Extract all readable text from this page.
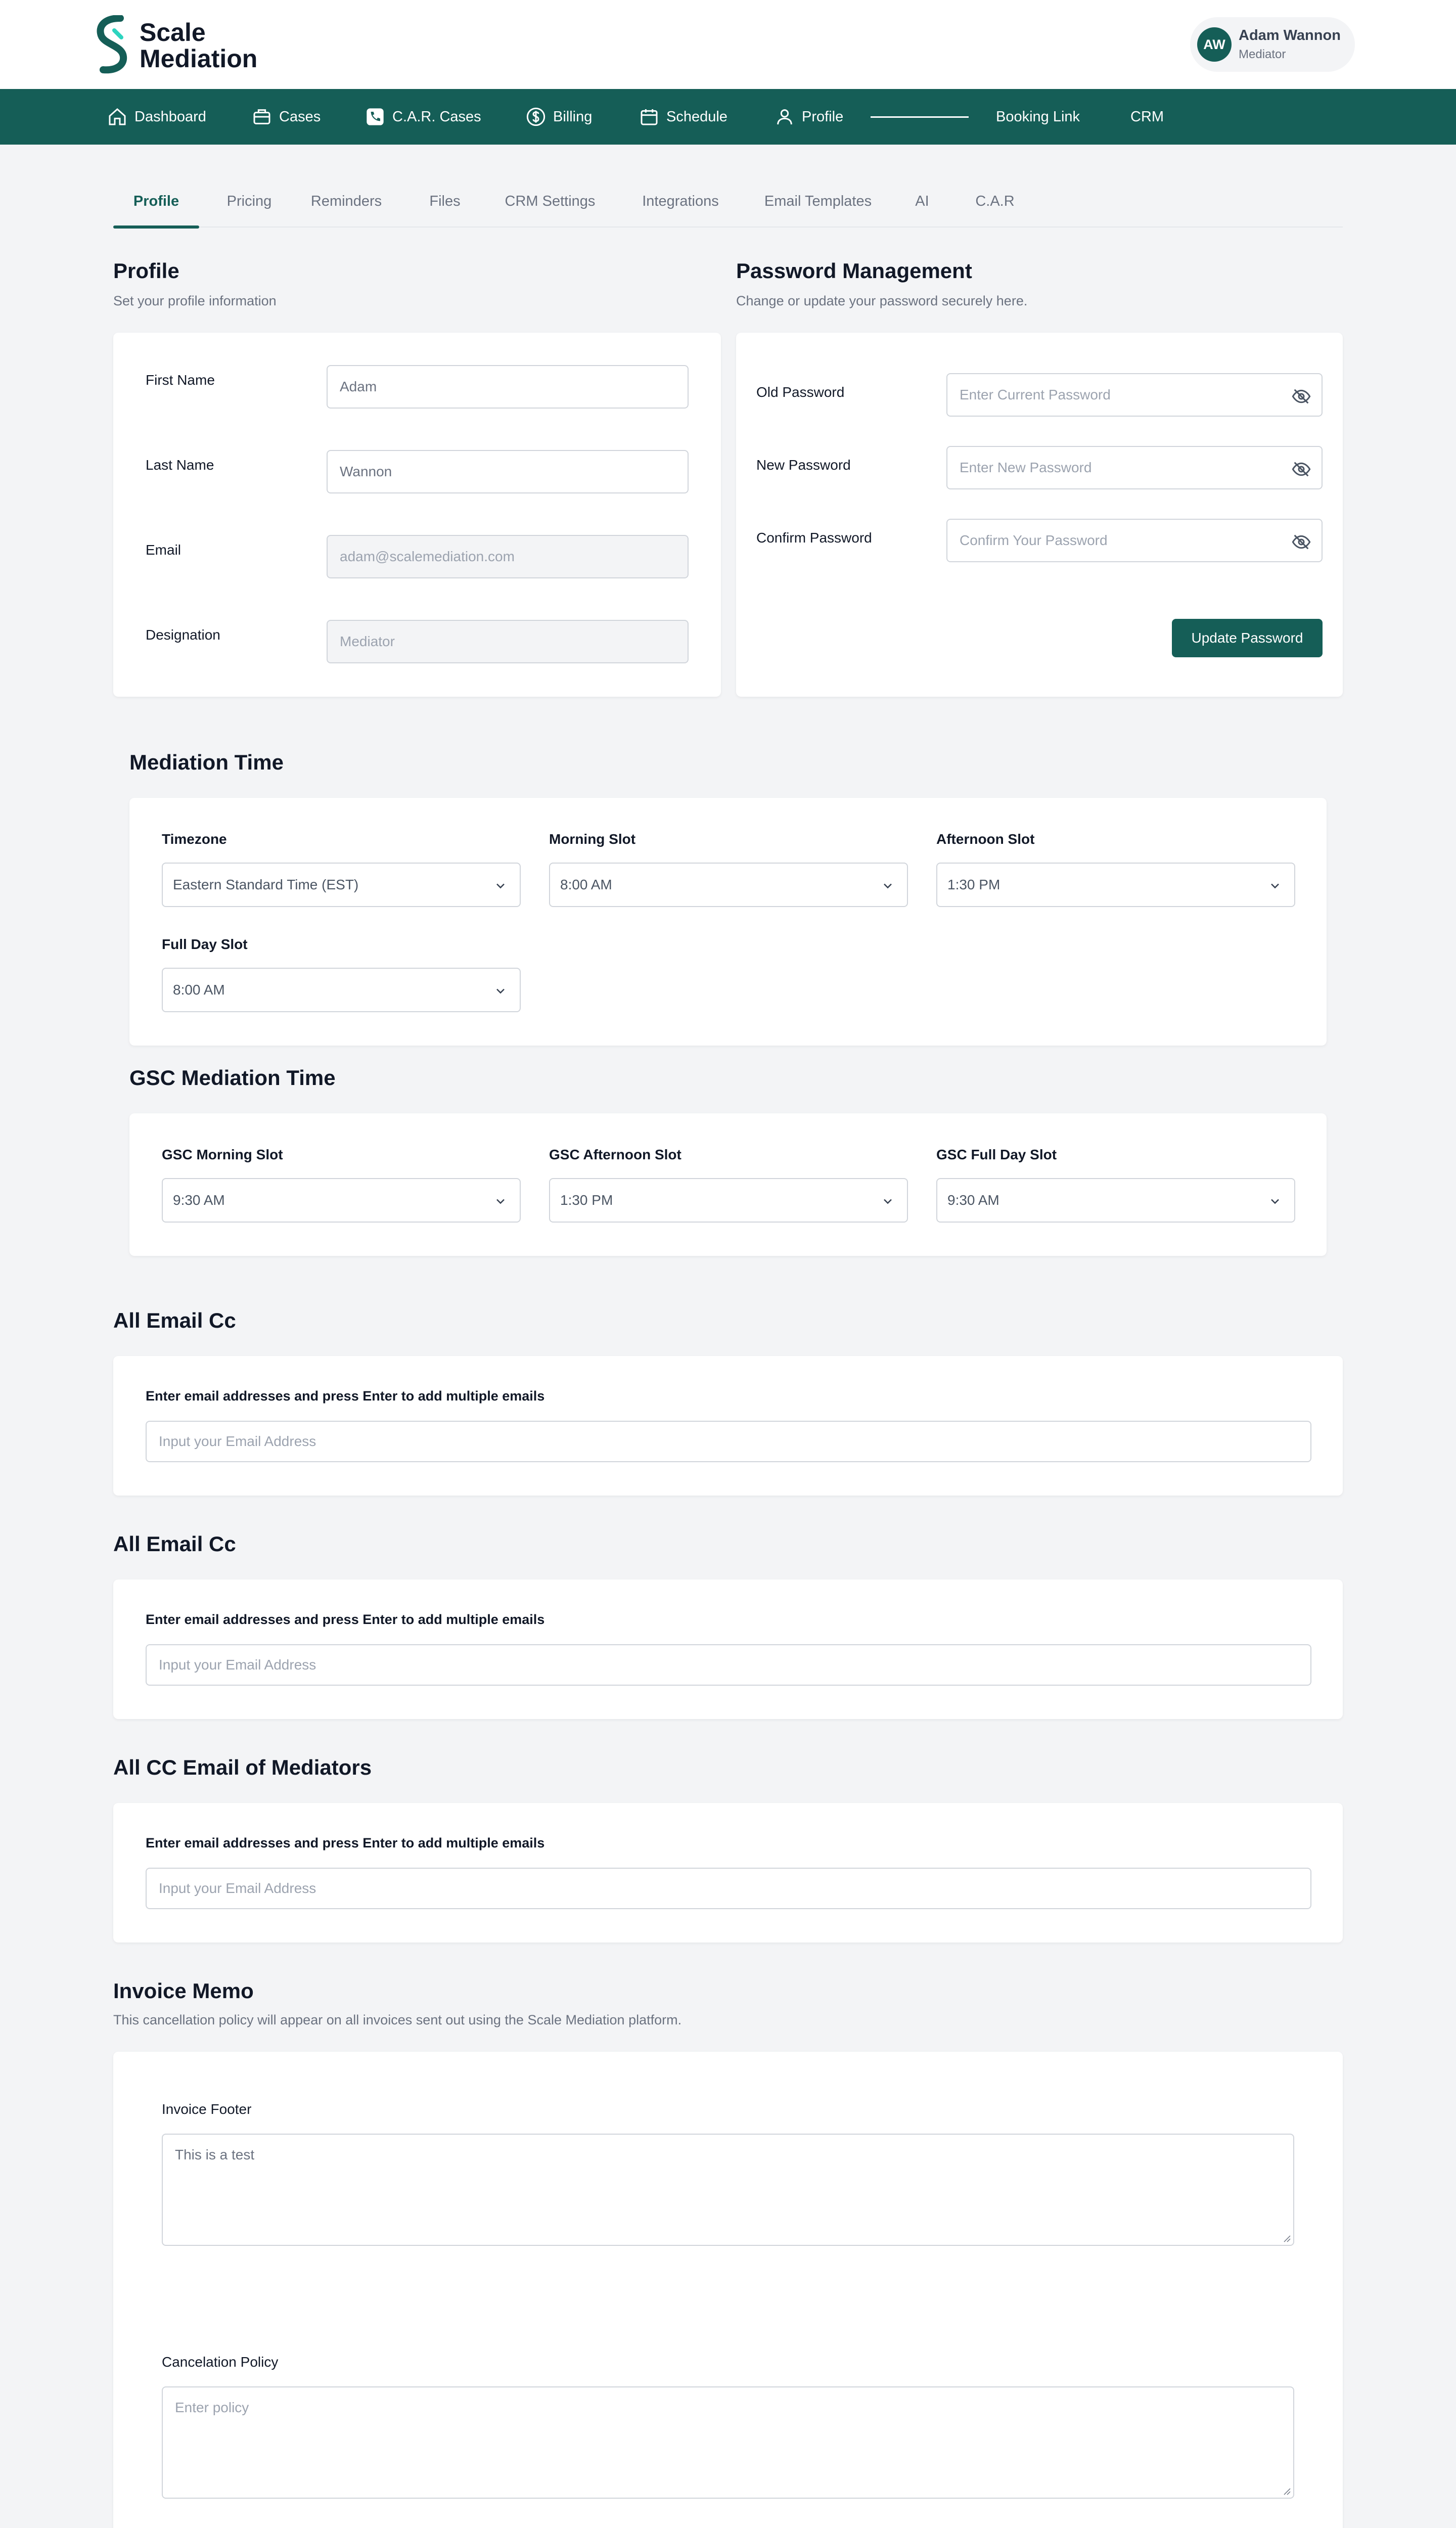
Scale
Mediation
AW
Adam Wannon
Mediator
Dashboard	Cases	C.A.R. Cases	Billing	Schedule	Profile	Booking Link	CRM
Profile	Pricing	Reminders	Files	CRM Settings	Integrations	Email Templates	AI	C.A.R
Profile
Set your profile information
First Name	Adam
Last Name	Wannon
Email	adam@scalemediation.com
Designation	Mediator
Password Management
Change or update your password securely here.
Old Password	Enter Current Password
New Password	Enter New Password
Confirm Password	Confirm Your Password
Update Password
Mediation Time
Timezone
Eastern Standard Time (EST)
Morning Slot
8:00 AM
Afternoon Slot
1:30 PM
Full Day Slot
8:00 AM
GSC Mediation Time
GSC Morning Slot
9:30 AM
GSC Afternoon Slot
1:30 PM
GSC Full Day Slot
9:30 AM
All Email Cc
Enter email addresses and press Enter to add multiple emails
Input your Email Address
All Email Cc
Enter email addresses and press Enter to add multiple emails
Input your Email Address
All CC Email of Mediators
Enter email addresses and press Enter to add multiple emails
Input your Email Address
Invoice Memo
This cancellation policy will appear on all invoices sent out using the Scale Mediation platform.
Invoice Footer
This is a test
Cancelation Policy
Enter policy
